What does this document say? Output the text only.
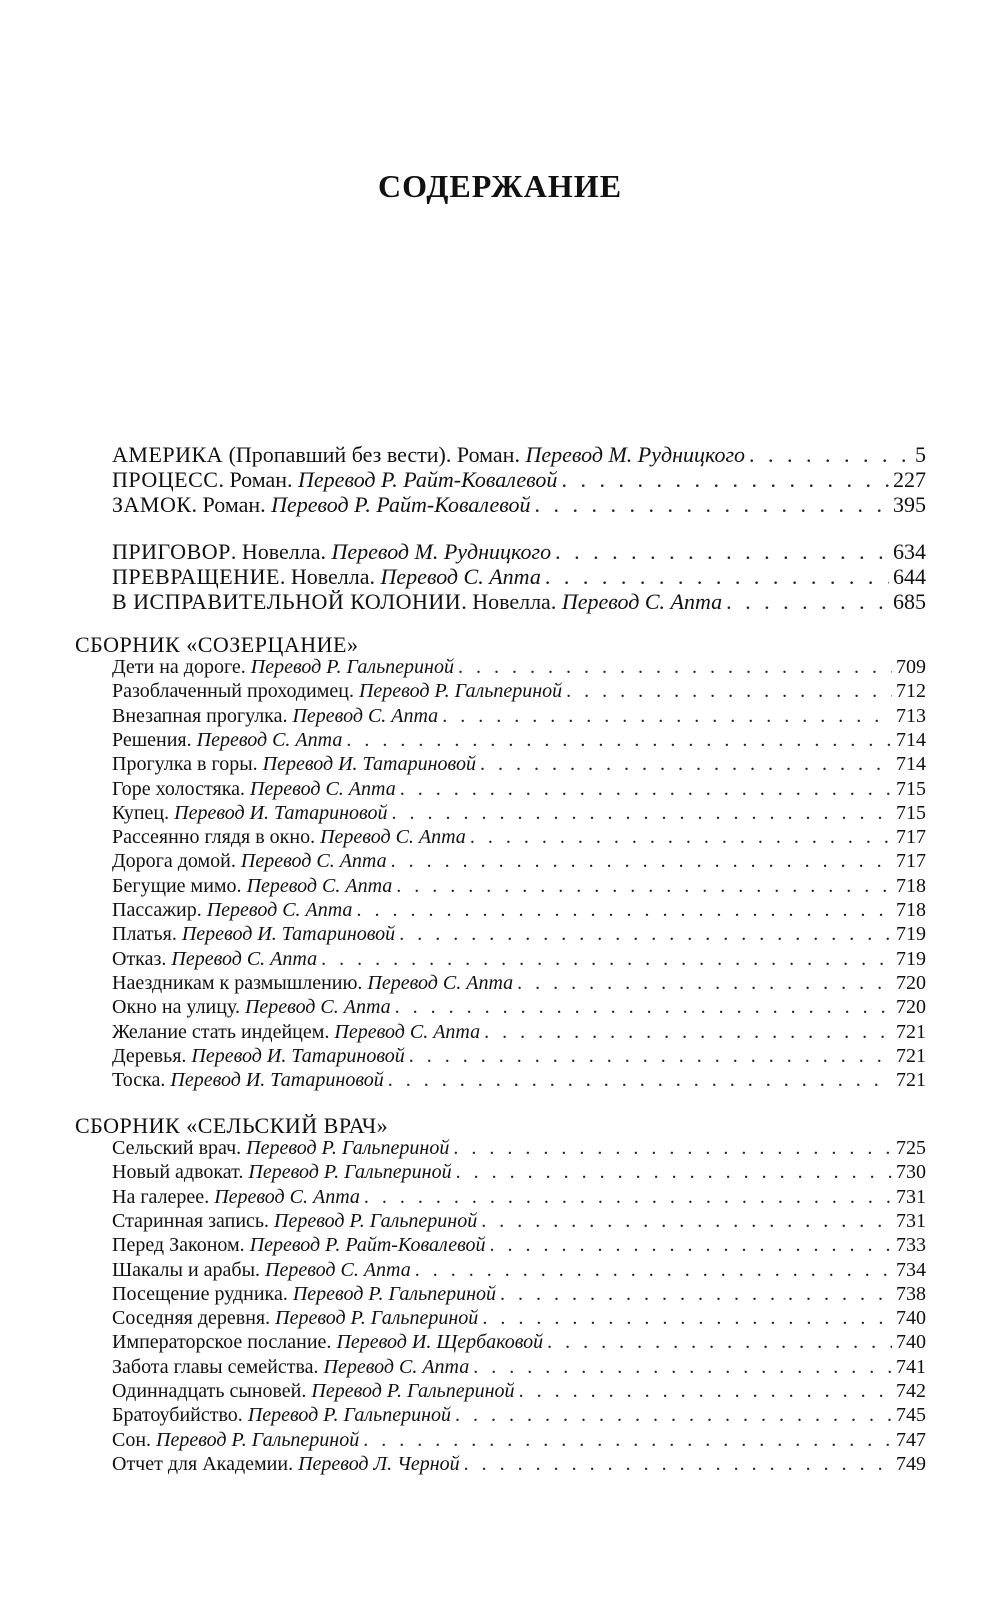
СОДЕРЖАНИЕ
АМЕРИКА (Пропавший без вести). Роман. Перевод М. Рудницкого . . .	5
ПРОЦЕСС. Роман. Перевод Р. Райт-Ковалевой . . .	227
ЗАМОК. Роман. Перевод Р. Райт-Ковалевой . . .	395
ПРИГОВОР. Новелла. Перевод М. Рудницкого . . .	634
ПРЕВРАЩЕНИЕ. Новелла. Перевод С. Апта . . .	644
В ИСПРАВИТЕЛЬНОЙ КОЛОНИИ. Новелла. Перевод С. Апта . . .	685
СБОРНИК «СОЗЕРЦАНИЕ»
Дети на дороге. Перевод Р. Гальпериной . . .	709
Разоблаченный проходимец. Перевод Р. Гальпериной . . .	712
Внезапная прогулка. Перевод С. Апта . . .	713
Решения. Перевод С. Апта . . .	714
Прогулка в горы. Перевод И. Татариновой . . .	714
Горе холостяка. Перевод С. Апта . . .	715
Купец. Перевод И. Татариновой . . .	715
Рассеянно глядя в окно. Перевод С. Апта . . .	717
Дорога домой. Перевод С. Апта . . .	717
Бегущие мимо. Перевод С. Апта . . .	718
Пассажир. Перевод С. Апта . . .	718
Платья. Перевод И. Татариновой . . .	719
Отказ. Перевод С. Апта . . .	719
Наездникам к размышлению. Перевод С. Апта . . .	720
Окно на улицу. Перевод С. Апта . . .	720
Желание стать индейцем. Перевод С. Апта . . .	721
Деревья. Перевод И. Татариновой . . .	721
Тоска. Перевод И. Татариновой . . .	721
СБОРНИК «СЕЛЬСКИЙ ВРАЧ»
Сельский врач. Перевод Р. Гальпериной . . .	725
Новый адвокат. Перевод Р. Гальпериной . . .	730
На галерее. Перевод С. Апта . . .	731
Старинная запись. Перевод Р. Гальпериной . . .	731
Перед Законом. Перевод Р. Райт-Ковалевой . . .	733
Шакалы и арабы. Перевод С. Апта . . .	734
Посещение рудника. Перевод Р. Гальпериной . . .	738
Соседняя деревня. Перевод Р. Гальпериной . . .	740
Императорское послание. Перевод И. Щербаковой . . .	740
Забота главы семейства. Перевод С. Апта . . .	741
Одиннадцать сыновей. Перевод Р. Гальпериной . . .	742
Братоубийство. Перевод Р. Гальпериной . . .	745
Сон. Перевод Р. Гальпериной . . .	747
Отчет для Академии. Перевод Л. Черной . . .	749
